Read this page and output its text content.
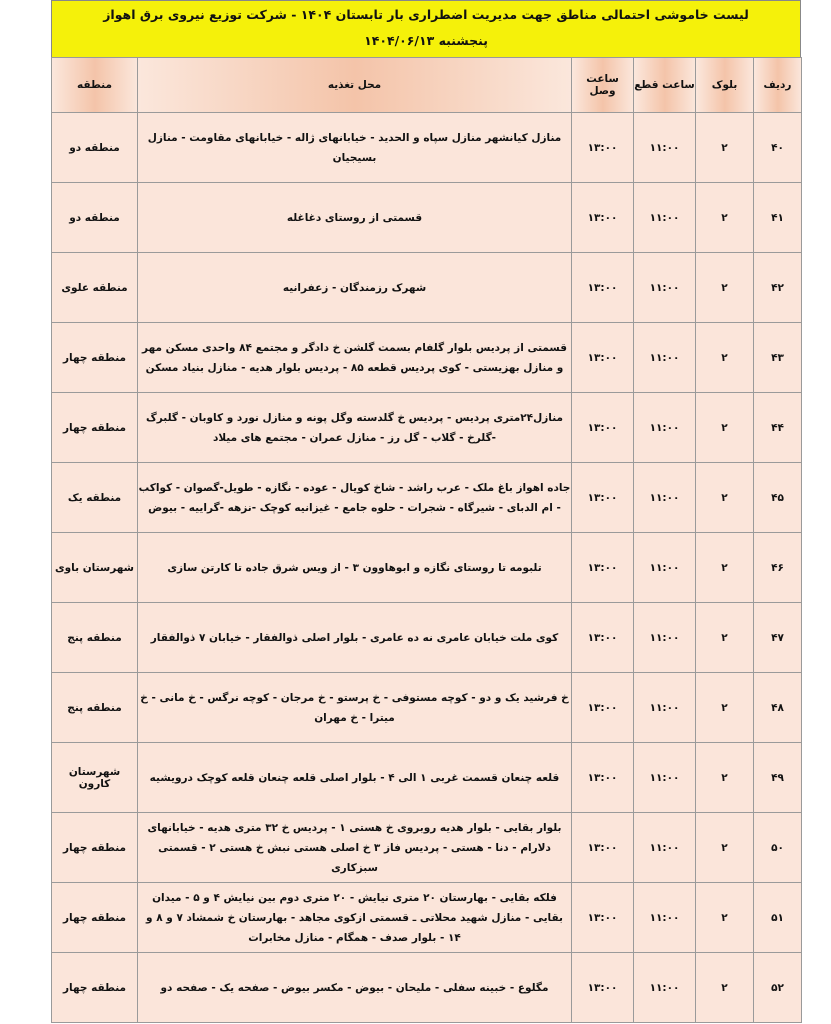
لیست خاموشی احتمالی مناطق جهت مدیریت اضطراری بار تابستان ۱۴۰۴ - شرکت توزیع نیروی برق اهواز
پنجشنبه ۱۴۰۴/۰۶/۱۳
ردیف	بلوک	ساعت قطع	ساعت وصل	محل تغذیه	منطقه
۴۰	۲	۱۱:۰۰	۱۳:۰۰	منازل کیانشهر منازل سپاه و الحدید - خیابانهای ژاله - خیابانهای مقاومت - منازل بسیجیان	منطقه دو
۴۱	۲	۱۱:۰۰	۱۳:۰۰	قسمتی از روستای دغاغله	منطقه دو
۴۲	۲	۱۱:۰۰	۱۳:۰۰	شهرک رزمندگان - زعفرانیه	منطقه علوی
۴۳	۲	۱۱:۰۰	۱۳:۰۰	قسمتی از پردیس بلوار گلفام بسمت گلشن خ دادگر و مجتمع ۸۴ واحدی مسکن مهر و منازل بهزیستی - کوی پردیس قطعه ۸۵ - پردیس بلوار هدیه - منازل بنیاد مسکن	منطقه چهار
۴۴	۲	۱۱:۰۰	۱۳:۰۰	منازل۲۴متری پردیس - پردیس خ گلدسته وگل پونه و منازل نورد و کاوبان - گلبرگ -گلرخ - گلاب - گل رز - منازل عمران - مجتمع های میلاد	منطقه چهار
۴۵	۲	۱۱:۰۰	۱۳:۰۰	جاده اهواز باغ ملک - عرب راشد - شاخ کویال - عوده - نگازه - طویل-گصوان - کواکب - ام الدبای - شیرگاه - شجرات - حلوه جامع - غیزانیه کوچک -نزهه -گراییه - بیوض	منطقه یک
۴۶	۲	۱۱:۰۰	۱۳:۰۰	تلبومه تا روستای نگازه و ابوهاوون ۳ - از ویس شرق جاده تا کارتن سازی	شهرستان باوی
۴۷	۲	۱۱:۰۰	۱۳:۰۰	کوی ملت خیابان عامری نه ده عامری - بلوار اصلی ذوالفقار - خیابان ۷ ذوالفقار	منطقه پنج
۴۸	۲	۱۱:۰۰	۱۳:۰۰	خ فرشید یک و دو - کوچه مستوفی - خ پرستو - خ مرجان - کوچه نرگس - خ مانی - خ میترا - خ مهران	منطقه پنج
۴۹	۲	۱۱:۰۰	۱۳:۰۰	قلعه چنعان قسمت غربی ۱ الی ۴ - بلوار اصلی قلعه چنعان قلعه کوچک درویشیه	شهرستان کارون
۵۰	۲	۱۱:۰۰	۱۳:۰۰	بلوار بقایی - بلوار هدیه روبروی خ هستی ۱ - پردیس خ ۳۲ متری هدیه - خیابانهای دلارام - دنا - هستی - پردیس فاز ۳ خ اصلی هستی نبش خ هستی ۲ - قسمتی سبزکاری	منطقه چهار
۵۱	۲	۱۱:۰۰	۱۳:۰۰	فلکه بقایی - بهارستان ۲۰ متری نیایش - ۲۰ متری دوم بین نیایش ۴ و ۵ - میدان بقایی - منازل شهید محلاتی ـ قسمتی ازکوی مجاهد - بهارستان خ شمشاد ۷ و ۸ و ۱۴ - بلوار صدف - همگام - منازل مخابرات	منطقه چهار
۵۲	۲	۱۱:۰۰	۱۳:۰۰	مگلوع - خبینه سفلی - ملیحان - بیوض - مکسر بیوض - صفحه یک - صفحه دو	منطقه چهار
